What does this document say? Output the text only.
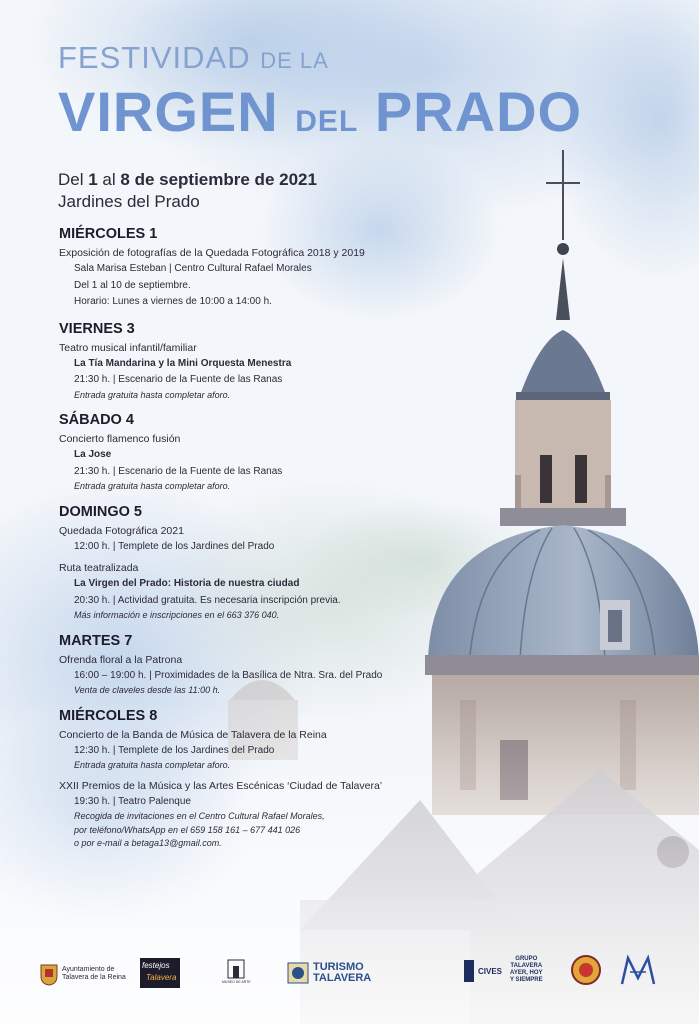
FESTIVIDAD DE LA
VIRGEN DEL PRADO
Del 1 al 8 de septiembre de 2021
Jardines del Prado
MIÉRCOLES 1
Exposición de fotografías de la Quedada Fotográfica 2018 y 2019
Sala Marisa Esteban | Centro Cultural Rafael Morales
Del 1 al 10 de septiembre.
Horario: Lunes a viernes de 10:00 a 14:00 h.
VIERNES 3
Teatro musical infantil/familiar
La Tía Mandarina y la Mini Orquesta Menestra
21:30 h. | Escenario de la Fuente de las Ranas
Entrada gratuita hasta completar aforo.
SÁBADO 4
Concierto flamenco fusión
La Jose
21:30 h. | Escenario de la Fuente de las Ranas
Entrada gratuita hasta completar aforo.
DOMINGO 5
Quedada Fotográfica 2021
12:00 h. | Templete de los Jardines del Prado
Ruta teatralizada
La Virgen del Prado: Historia de nuestra ciudad
20:30 h. | Actividad gratuita. Es necesaria inscripción previa.
Más información e inscripciones en el 663 376 040.
MARTES 7
Ofrenda floral a la Patrona
16:00 – 19:00 h. | Proximidades de la Basílica de Ntra. Sra. del Prado
Venta de claveles desde las 11:00 h.
MIÉRCOLES 8
Concierto de la Banda de Música de Talavera de la Reina
12:30 h. | Templete de los Jardines del Prado
Entrada gratuita hasta completar aforo.
XXII Premios de la Música y las Artes Escénicas ‘Ciudad de Talavera’
19:30 h. | Teatro Palenque
Recogida de invitaciones en el Centro Cultural Rafael Morales,
por teléfono/WhatsApp en el 659 158 161 – 677 441 026
o por e-mail a betaga13@gmail.com.
Ayuntamiento de
Talavera de la Reina
festejos
Talavera	MUSEO DE ARTE
TURISMO
TALAVERA
CIVES
GRUPO
TALAVERA
AYER, HOY
Y SIEMPRE
